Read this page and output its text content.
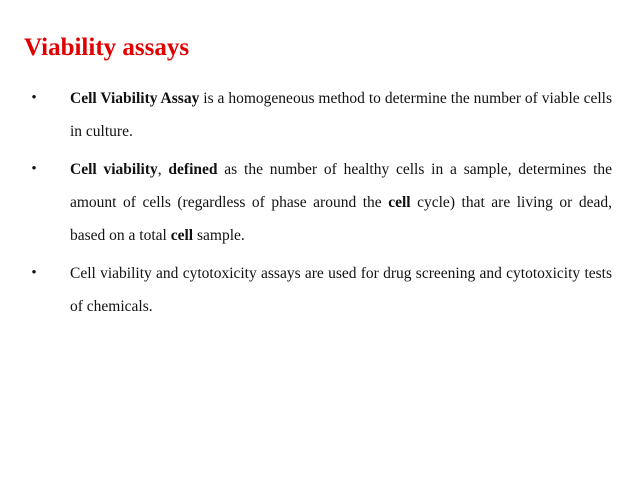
Viability assays
•	Cell Viability Assay is a homogeneous method to determine the number of viable cells in culture.
•	Cell viability, defined as the number of healthy cells in a sample, determines the amount of cells (regardless of phase around the cell cycle) that are living or dead, based on a total cell sample.
•	Cell viability and cytotoxicity assays are used for drug screening and cytotoxicity tests of chemicals.
